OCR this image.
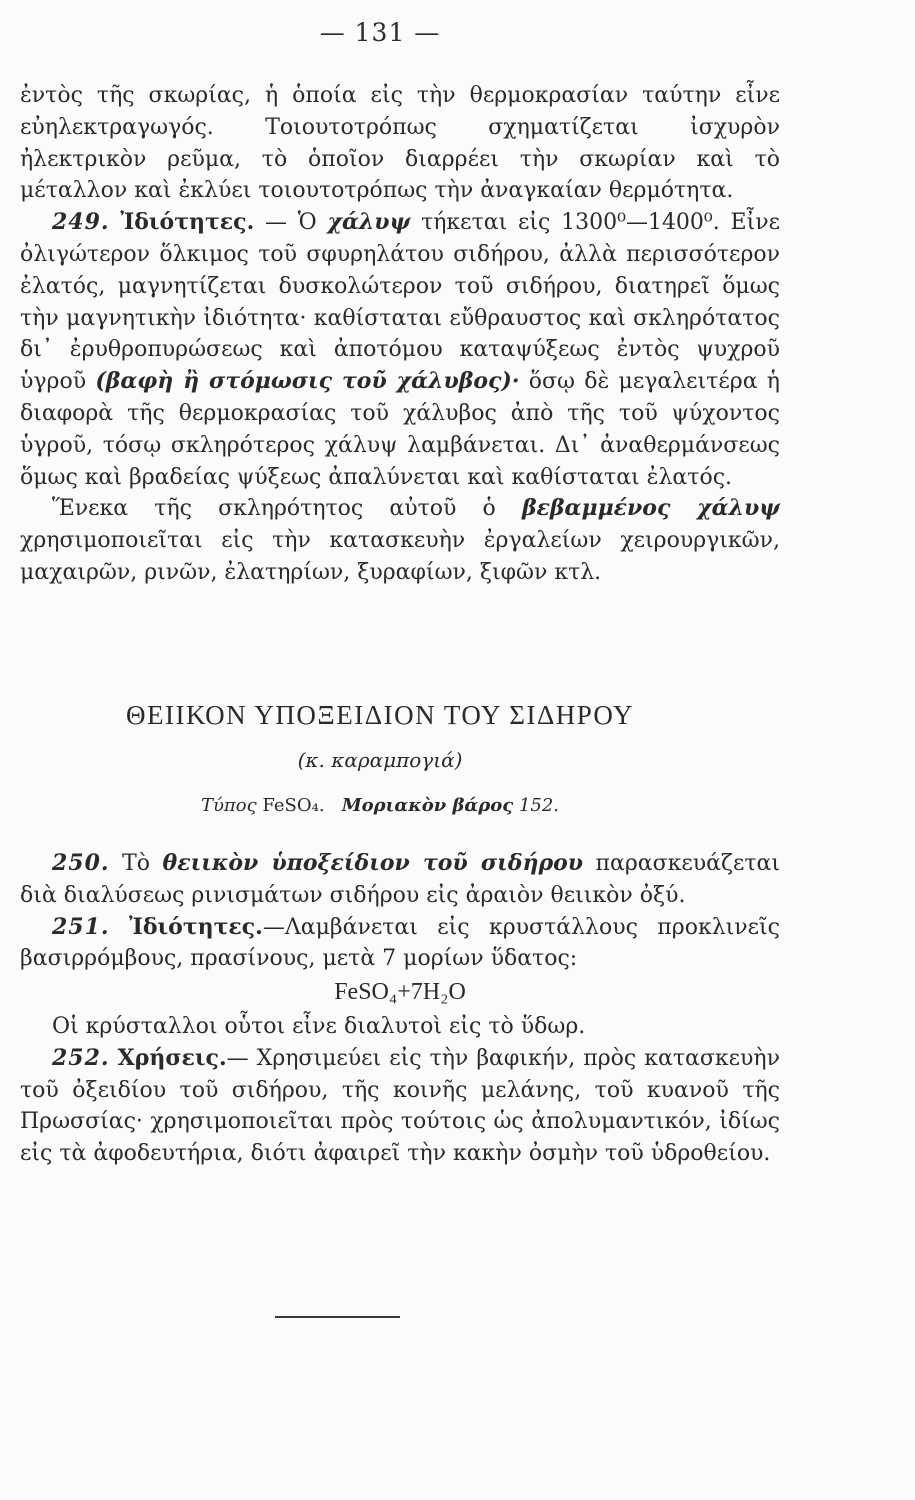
— 131 —

ἐντὸς τῆς σκωρίας, ἡ ὁποία εἰς τὴν θερμοκρασίαν ταύτην εἶνε εὐηλεκτραγωγός. Τοιουτοτρόπως σχηματίζεται ἰσχυρὸν ἠλεκτρικὸν ρεῦμα, τὸ ὁποῖον διαρρέει τὴν σκωρίαν καὶ τὸ μέταλλον καὶ ἐκλύει τοιουτοτρόπως τὴν ἀναγκαίαν θερμότητα.

249. Ἰδιότητες. — Ὁ χάλυψ τήκεται εἰς 1300⁰—1400⁰. Εἶνε ὀλιγώτερον ὅλκιμος τοῦ σφυρηλάτου σιδήρου, ἀλλὰ περισσότερον ἐλατός, μαγνητίζεται δυσκολώτερον τοῦ σιδήρου, διατηρεῖ ὅμως τὴν μαγνητικὴν ἰδιότητα· καθίσταται εὔθραυστος καὶ σκληρότατος δι᾽ ἐρυθροπυρώσεως καὶ ἀποτόμου καταψύξεως ἐντὸς ψυχροῦ ὑγροῦ (βαφὴ ἢ στόμωσις τοῦ χάλυβος)· ὅσῳ δὲ μεγαλειτέρα ἡ διαφορὰ τῆς θερμοκρασίας τοῦ χάλυβος ἀπὸ τῆς τοῦ ψύχοντος ὑγροῦ, τόσῳ σκληρότερος χάλυψ λαμβάνεται. Δι᾽ ἀναθερμάνσεως ὅμως καὶ βραδείας ψύξεως ἀπαλύνεται καὶ καθίσταται ἐλατός.

Ἕνεκα τῆς σκληρότητος αὐτοῦ ὁ βεβαμμένος χάλυψ χρησιμοποιεῖται εἰς τὴν κατασκευὴν ἐργαλείων χειρουργικῶν, μαχαιρῶν, ρινῶν, ἐλατηρίων, ξυραφίων, ξιφῶν κτλ.

ΘΕΙΙΚΟΝ ΥΠΟΞΕΙΔΙΟΝ ΤΟΥ ΣΙΔΗΡΟΥ
(κ. καραμπογιά)
Τύπος FeSO₄. Μοριακὸν βάρος 152.

250. Τὸ θειικὸν ὑποξείδιον τοῦ σιδήρου παρασκευάζεται διὰ διαλύσεως ρινισμάτων σιδήρου εἰς ἀραιὸν θειικὸν ὀξύ.

251. Ἰδιότητες.—Λαμβάνεται εἰς κρυστάλλους προκλινεῖς βασιρρόμβους, πρασίνους, μετὰ 7 μορίων ὕδατος:

FeSO₄+7H₂O

Οἱ κρύσταλλοι οὗτοι εἶνε διαλυτοὶ εἰς τὸ ὕδωρ.

252. Χρήσεις.— Χρησιμεύει εἰς τὴν βαφικήν, πρὸς κατασκευὴν τοῦ ὀξειδίου τοῦ σιδήρου, τῆς κοινῆς μελάνης, τοῦ κυανοῦ τῆς Πρωσσίας· χρησιμοποιεῖται πρὸς τούτοις ὡς ἀπολυμαντικόν, ἰδίως εἰς τὰ ἀφοδευτήρια, διότι ἀφαιρεῖ τὴν κακὴν ὀσμὴν τοῦ ὑδροθείου.
